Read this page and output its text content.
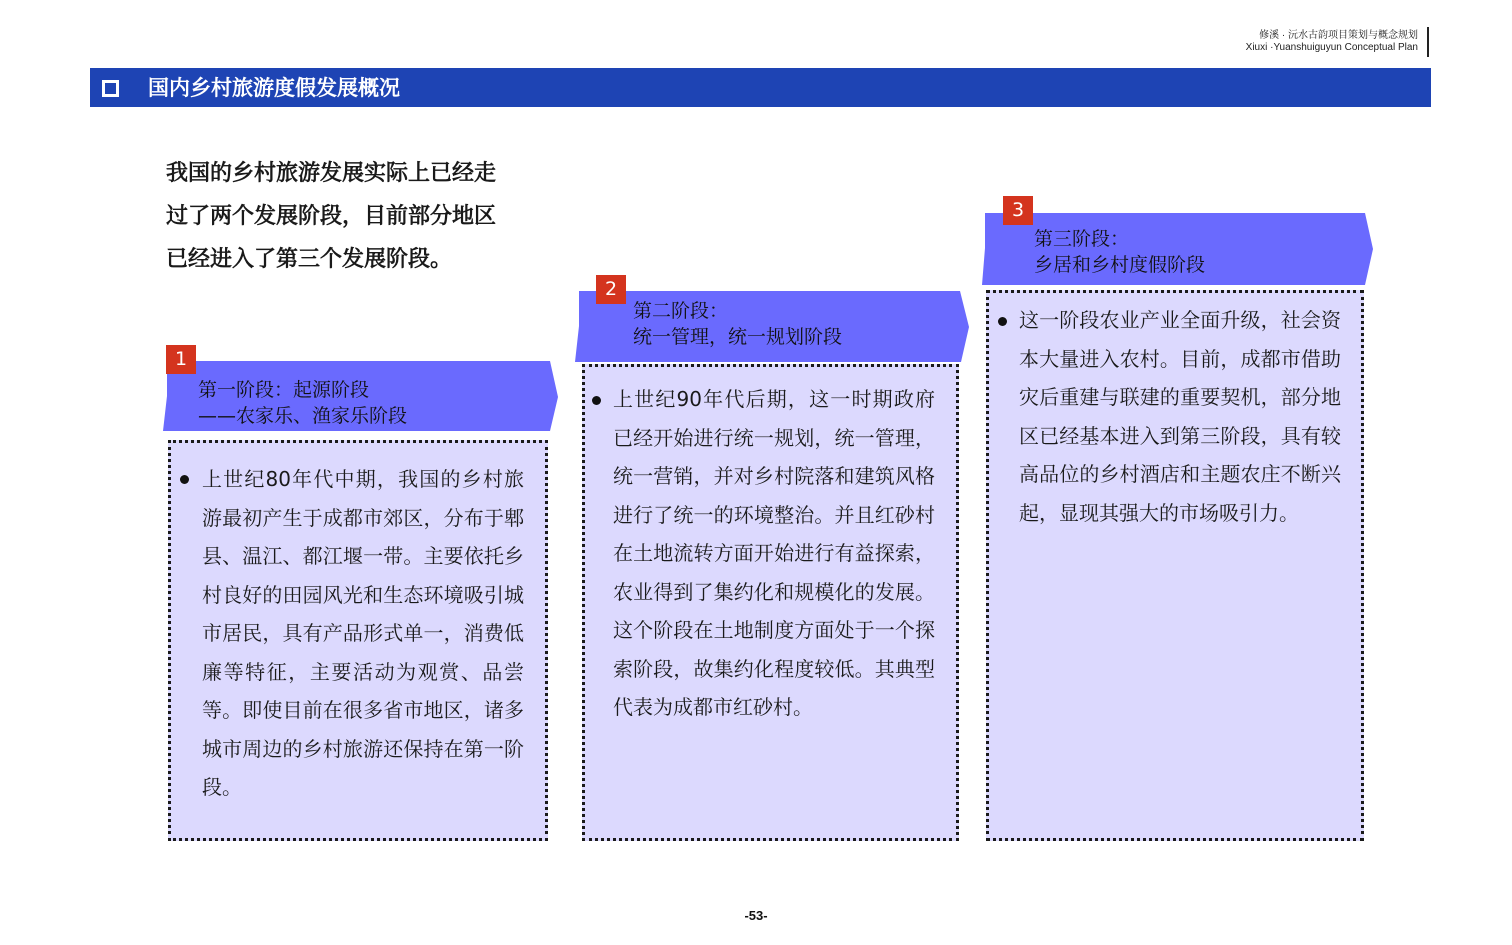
修溪 · 沅水古韵项目策划与概念规划
Xiuxi ·Yuanshuiguyun Conceptual Plan
国内乡村旅游度假发展概况
我国的乡村旅游发展实际上已经走
过了两个发展阶段，目前部分地区
已经进入了第三个发展阶段。
1
第一阶段：起源阶段
——农家乐、渔家乐阶段
上世纪80年代中期，我国的乡村旅游最初产生于成都市郊区，分布于郫县、温江、都江堰一带。主要依托乡村良好的田园风光和生态环境吸引城市居民，具有产品形式单一，消费低廉等特征，主要活动为观赏、品尝等。即使目前在很多省市地区，诸多城市周边的乡村旅游还保持在第一阶段。
2
第二阶段：
统一管理，统一规划阶段
上世纪90年代后期，这一时期政府已经开始进行统一规划，统一管理，统一营销，并对乡村院落和建筑风格进行了统一的环境整治。并且红砂村在土地流转方面开始进行有益探索，农业得到了集约化和规模化的发展。这个阶段在土地制度方面处于一个探索阶段，故集约化程度较低。其典型代表为成都市红砂村。
3
第三阶段：
乡居和乡村度假阶段
这一阶段农业产业全面升级，社会资本大量进入农村。目前，成都市借助灾后重建与联建的重要契机，部分地区已经基本进入到第三阶段，具有较高品位的乡村酒店和主题农庄不断兴起，显现其强大的市场吸引力。
-53-
